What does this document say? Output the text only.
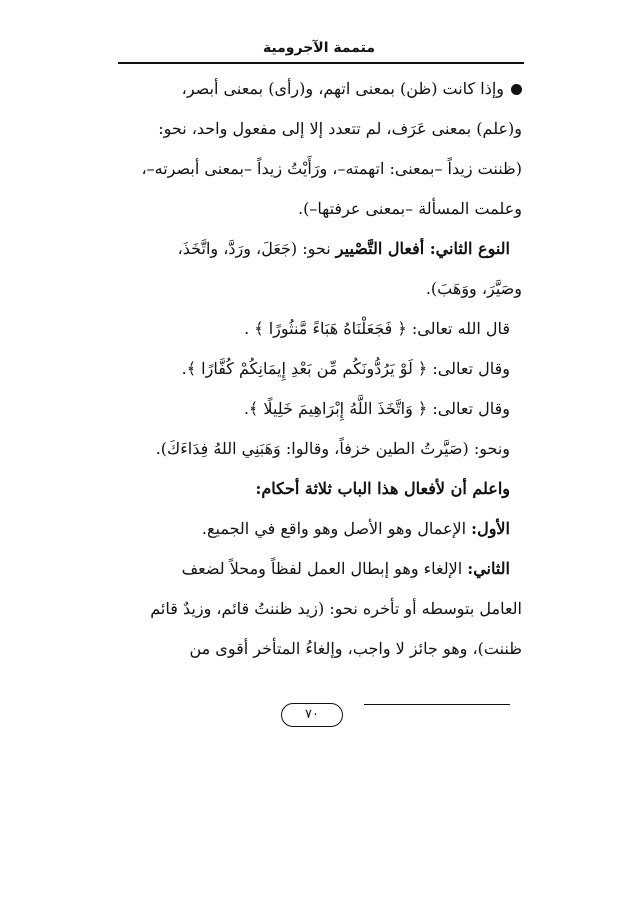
متممة الآجرومية
وإذا كانت (ظن) بمعنى اتهم، و(رأى) بمعنى أبصر،
و(علم) بمعنى عَرَف، لم تتعدد إلا إلى مفعول واحد، نحو:
(ظننت زيداً –بمعنى: اتهمته–، ورَأَيْتُ زيداً –بمعنى أبصرته–،
وعلمت المسألة –بمعنى عرفتها–).
النوع الثاني: أفعال التَّصْيير نحو: (جَعَلَ، ورَدَّ، واتَّخَذَ،
وصَيَّرَ، ووَهَبَ).
قال الله تعالى: ﴿ فَجَعَلْنَاهُ هَبَاءً مَّنثُورًا ﴾ .
وقال تعالى: ﴿ لَوْ يَرُدُّونَكُم مِّن بَعْدِ إِيمَانِكُمْ كُفَّارًا ﴾.
وقال تعالى: ﴿ وَاتَّخَذَ اللَّهُ إِبْرَاهِيمَ خَلِيلًا ﴾.
ونحو: (صَيَّرتُ الطين خزفاً، وقالوا: وَهَبَنِي اللهُ فِدَاءَكَ).
واعلم أن لأفعال هذا الباب ثلاثة أحكام:
الأول: الإعمال وهو الأصل وهو واقع في الجميع.
الثاني: الإلغاء وهو إبطال العمل لفظاً ومحلاً لضعف
العامل بتوسطه أو تأخره نحو: (زيد ظننتُ قائم، وزيدٌ قائم
ظننت)، وهو جائز لا واجب، وإلغاءُ المتأخر أقوى من
٧٠
